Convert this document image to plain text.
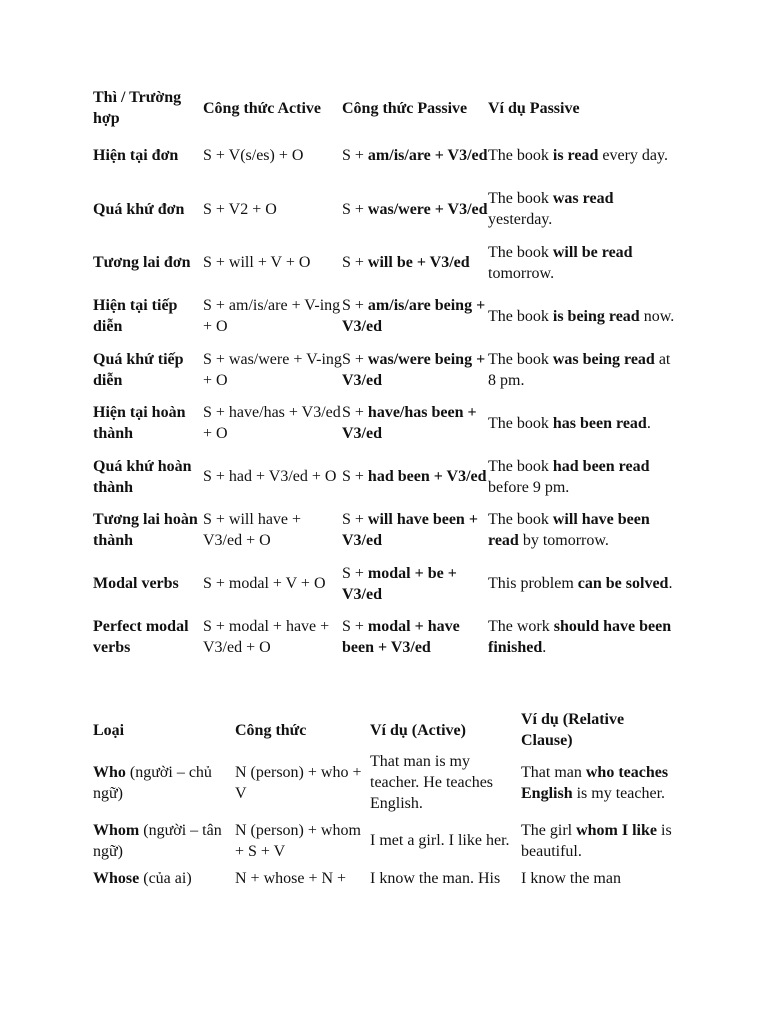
Thì / Trường hợp	Công thức Active	Công thức Passive	Ví dụ Passive
Hiện tại đơn	S + V(s/es) + O	S + am/is/are + V3/ed	The book is read every day.
Quá khứ đơn	S + V2 + O	S + was/were + V3/ed	The book was read yesterday.
Tương lai đơn	S + will + V + O	S + will be + V3/ed	The book will be read tomorrow.
Hiện tại tiếp diễn	S + am/is/are + V-ing + O	S + am/is/are being + V3/ed	The book is being read now.
Quá khứ tiếp diễn	S + was/were + V-ing + O	S + was/were being + V3/ed	The book was being read at 8 pm.
Hiện tại hoàn thành	S + have/has + V3/ed + O	S + have/has been + V3/ed	The book has been read.
Quá khứ hoàn thành	S + had + V3/ed + O	S + had been + V3/ed	The book had been read before 9 pm.
Tương lai hoàn thành	S + will have + V3/ed + O	S + will have been + V3/ed	The book will have been read by tomorrow.
Modal verbs	S + modal + V + O	S + modal + be + V3/ed	This problem can be solved.
Perfect modal verbs	S + modal + have + V3/ed + O	S + modal + have been + V3/ed	The work should have been finished.
Loại	Công thức	Ví dụ (Active)	Ví dụ (Relative Clause)
Who (người – chủ ngữ)	N (person) + who + V	That man is my teacher. He teaches English.	That man who teaches English is my teacher.
Whom (người – tân ngữ)	N (person) + whom + S + V	I met a girl. I like her.	The girl whom I like is beautiful.
Whose (của ai)	N + whose + N +	I know the man. His	I know the man
